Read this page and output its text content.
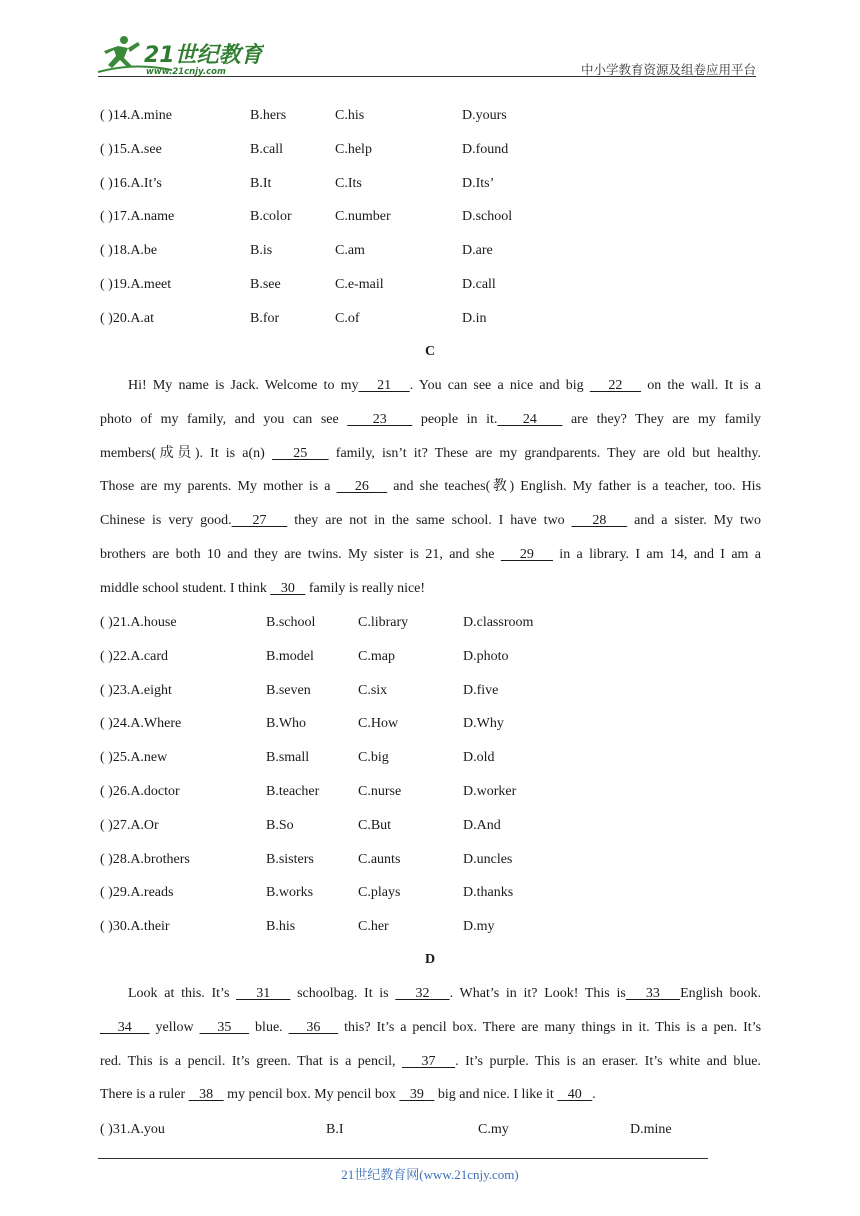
21世纪教育
www.21cnjy.com	中小学教育资源及组卷应用平台
( )14.A.mine	B.hers	C.his	D.yours
( )15.A.see	B.call	C.help	D.found
( )16.A.It’s	B.It	C.Its	D.Its’
( )17.A.name	B.color	C.number	D.school
( )18.A.be	B.is	C.am	D.are
( )19.A.meet	B.see	C.e-mail	D.call
( )20.A.at	B.for	C.of	D.in
C
Hi! My name is Jack. Welcome to my   21   . You can see a nice and big    22    on the wall. It is a
photo of my family, and you can see    23    people in it.   24    are they? They are my family
members(成员). It is a(n)    25    family, isn’t it? These are my grandparents. They are old but healthy.
Those are my parents. My mother is a    26    and she teaches(教) English. My father is a teacher, too. His
Chinese is very good.   27    they are not in the same school. I have two    28    and a sister. My two
brothers are both 10 and they are twins. My sister is 21, and she    29    in a library. I am 14, and I am a
middle school student. I think    30    family is really nice!
( )21.A.house	B.school	C.library	D.classroom
( )22.A.card	B.model	C.map	D.photo
( )23.A.eight	B.seven	C.six	D.five
( )24.A.Where	B.Who	C.How	D.Why
( )25.A.new	B.small	C.big	D.old
( )26.A.doctor	B.teacher	C.nurse	D.worker
( )27.A.Or	B.So	C.But	D.And
( )28.A.brothers	B.sisters	C.aunts	D.uncles
( )29.A.reads	B.works	C.plays	D.thanks
( )30.A.their	B.his	C.her	D.my
D
Look at this. It’s    31    schoolbag. It is    32   . What’s in it? Look! This is   33   English book.
34    yellow    35    blue.    36    this? It’s a pencil box. There are many things in it. This is a pen. It’s
red. This is a pencil. It’s green. That is a pencil,    37   . It’s purple. This is an eraser. It’s white and blue.
There is a ruler    38    my pencil box. My pencil box    39    big and nice. I like it    40   .
( )31.A.you	B.I	C.my	D.mine
21世纪教育网(www.21cnjy.com)
